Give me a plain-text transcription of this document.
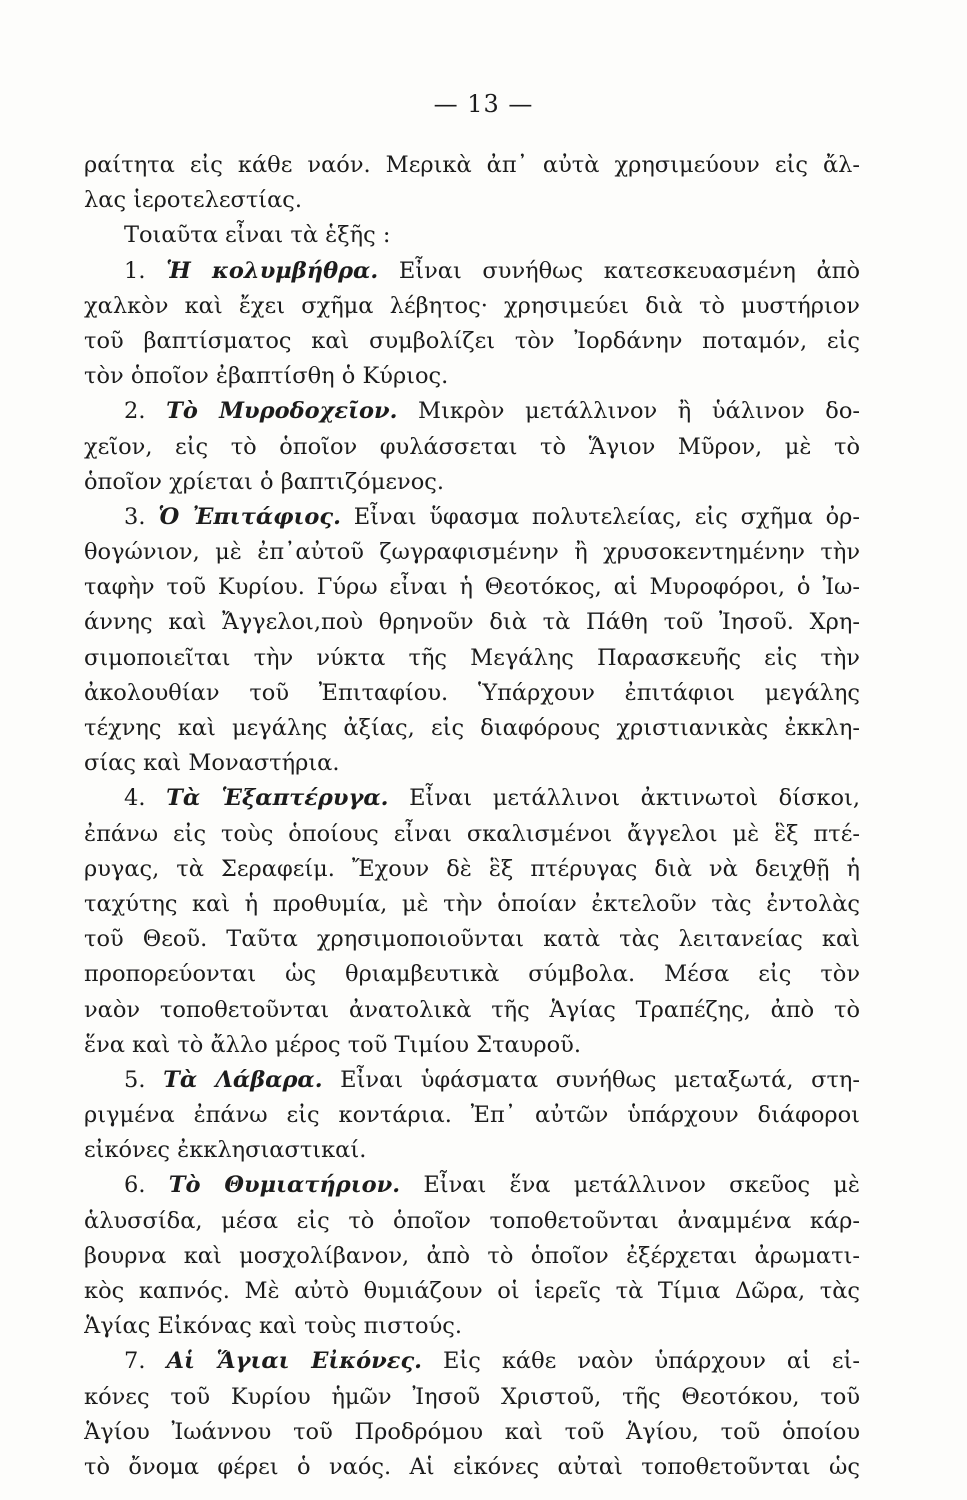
— 13 —
ραίτητα εἰς κάθε ναόν. Μερικὰ ἀπ᾿ αὐτὰ χρησιμεύουν εἰς ἄλ-
λας ἱεροτελεστίας.
Τοιαῦτα εἶναι τὰ ἑξῆς :
1. Ἡ κολυμβήθρα. Εἶναι συνήθως κατεσκευασμένη ἀπὸ
χαλκὸν καὶ ἔχει σχῆμα λέβητος· χρησιμεύει διὰ τὸ μυστήριον
τοῦ βαπτίσματος καὶ συμβολίζει τὸν Ἰορδάνην ποταμόν, εἰς
τὸν ὁποῖον ἐβαπτίσθη ὁ Κύριος.
2. Τὸ Μυροδοχεῖον. Μικρὸν μετάλλινον ἢ ὑάλινον δο-
χεῖον, εἰς τὸ ὁποῖον φυλάσσεται τὸ Ἅγιον Μῦρον, μὲ τὸ
ὁποῖον χρίεται ὁ βαπτιζόμενος.
3. Ὁ Ἐπιτάφιος. Εἶναι ὕφασμα πολυτελείας, εἰς σχῆμα ὀρ-
θογώνιον, μὲ ἐπ᾿αὐτοῦ ζωγραφισμένην ἢ χρυσοκεντημένην τὴν
ταφὴν τοῦ Κυρίου. Γύρω εἶναι ἡ Θεοτόκος, αἱ Μυροφόροι, ὁ Ἰω-
άννης καὶ Ἄγγελοι,ποὺ θρηνοῦν διὰ τὰ Πάθη τοῦ Ἰησοῦ. Χρη-
σιμοποιεῖται τὴν νύκτα τῆς Μεγάλης Παρασκευῆς εἰς τὴν
ἀκολουθίαν τοῦ Ἐπιταφίου. Ὑπάρχουν ἐπιτάφιοι μεγάλης
τέχνης καὶ μεγάλης ἀξίας, εἰς διαφόρους χριστιανικὰς ἐκκλη-
σίας καὶ Μοναστήρια.
4. Τὰ Ἑξαπτέρυγα. Εἶναι μετάλλινοι ἀκτινωτοὶ δίσκοι,
ἐπάνω εἰς τοὺς ὁποίους εἶναι σκαλισμένοι ἄγγελοι μὲ ἓξ πτέ-
ρυγας, τὰ Σεραφείμ. Ἔχουν δὲ ἓξ πτέρυγας διὰ νὰ δειχθῇ ἡ
ταχύτης καὶ ἡ προθυμία, μὲ τὴν ὁποίαν ἐκτελοῦν τὰς ἐντολὰς
τοῦ Θεοῦ. Ταῦτα χρησιμοποιοῦνται κατὰ τὰς λειτανείας καὶ
προπορεύονται ὡς θριαμβευτικὰ σύμβολα. Μέσα εἰς τὸν
ναὸν τοποθετοῦνται ἀνατολικὰ τῆς Ἁγίας Τραπέζης, ἀπὸ τὸ
ἕνα καὶ τὸ ἄλλο μέρος τοῦ Τιμίου Σταυροῦ.
5. Τὰ Λάβαρα. Εἶναι ὑφάσματα συνήθως μεταξωτά, στη-
ριγμένα ἐπάνω εἰς κοντάρια. Ἐπ᾿ αὐτῶν ὑπάρχουν διάφοροι
εἰκόνες ἐκκλησιαστικαί.
6. Τὸ Θυμιατήριον. Εἶναι ἕνα μετάλλινον σκεῦος μὲ
ἁλυσσίδα, μέσα εἰς τὸ ὁποῖον τοποθετοῦνται ἀναμμένα κάρ-
βουρνα καὶ μοσχολίβανον, ἀπὸ τὸ ὁποῖον ἐξέρχεται ἀρωματι-
κὸς καπνός. Μὲ αὐτὸ θυμιάζουν οἱ ἱερεῖς τὰ Τίμια Δῶρα, τὰς
Ἁγίας Εἰκόνας καὶ τοὺς πιστούς.
7. Αἱ Ἅγιαι Εἰκόνες. Εἰς κάθε ναὸν ὑπάρχουν αἱ εἰ-
κόνες τοῦ Κυρίου ἡμῶν Ἰησοῦ Χριστοῦ, τῆς Θεοτόκου, τοῦ
Ἁγίου Ἰωάννου τοῦ Προδρόμου καὶ τοῦ Ἁγίου, τοῦ ὁποίου
τὸ ὄνομα φέρει ὁ ναός. Αἱ εἰκόνες αὐταὶ τοποθετοῦνται ὡς
